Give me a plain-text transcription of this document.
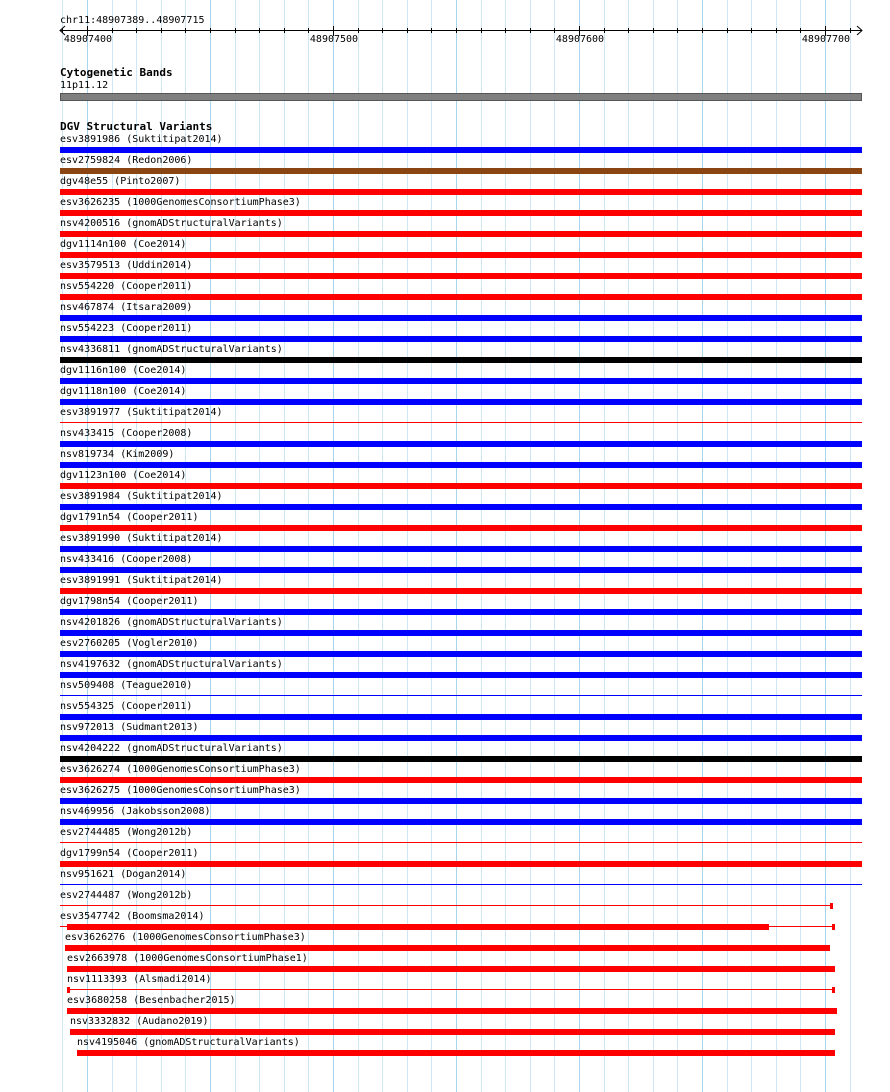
chr11:48907389..48907715
48907400	48907500	48907600	48907700
Cytogenetic Bands
11p11.12
DGV Structural Variants
esv3891986 (Suktitipat2014)
esv2759824 (Redon2006)
dgv48e55 (Pinto2007)
esv3626235 (1000GenomesConsortiumPhase3)
nsv4200516 (gnomADStructuralVariants)
dgv1114n100 (Coe2014)
esv3579513 (Uddin2014)
nsv554220 (Cooper2011)
nsv467874 (Itsara2009)
nsv554223 (Cooper2011)
nsv4336811 (gnomADStructuralVariants)
dgv1116n100 (Coe2014)
dgv1118n100 (Coe2014)
esv3891977 (Suktitipat2014)
nsv433415 (Cooper2008)
nsv819734 (Kim2009)
dgv1123n100 (Coe2014)
esv3891984 (Suktitipat2014)
dgv1791n54 (Cooper2011)
esv3891990 (Suktitipat2014)
nsv433416 (Cooper2008)
esv3891991 (Suktitipat2014)
dgv1798n54 (Cooper2011)
nsv4201826 (gnomADStructuralVariants)
esv2760205 (Vogler2010)
nsv4197632 (gnomADStructuralVariants)
nsv509408 (Teague2010)
nsv554325 (Cooper2011)
nsv972013 (Sudmant2013)
nsv4204222 (gnomADStructuralVariants)
esv3626274 (1000GenomesConsortiumPhase3)
esv3626275 (1000GenomesConsortiumPhase3)
nsv469956 (Jakobsson2008)
esv2744485 (Wong2012b)
dgv1799n54 (Cooper2011)
nsv951621 (Dogan2014)
esv2744487 (Wong2012b)
esv3547742 (Boomsma2014)
esv3626276 (1000GenomesConsortiumPhase3)
esv2663978 (1000GenomesConsortiumPhase1)
nsv1113393 (Alsmadi2014)
esv3680258 (Besenbacher2015)
nsv3332832 (Audano2019)
nsv4195046 (gnomADStructuralVariants)
